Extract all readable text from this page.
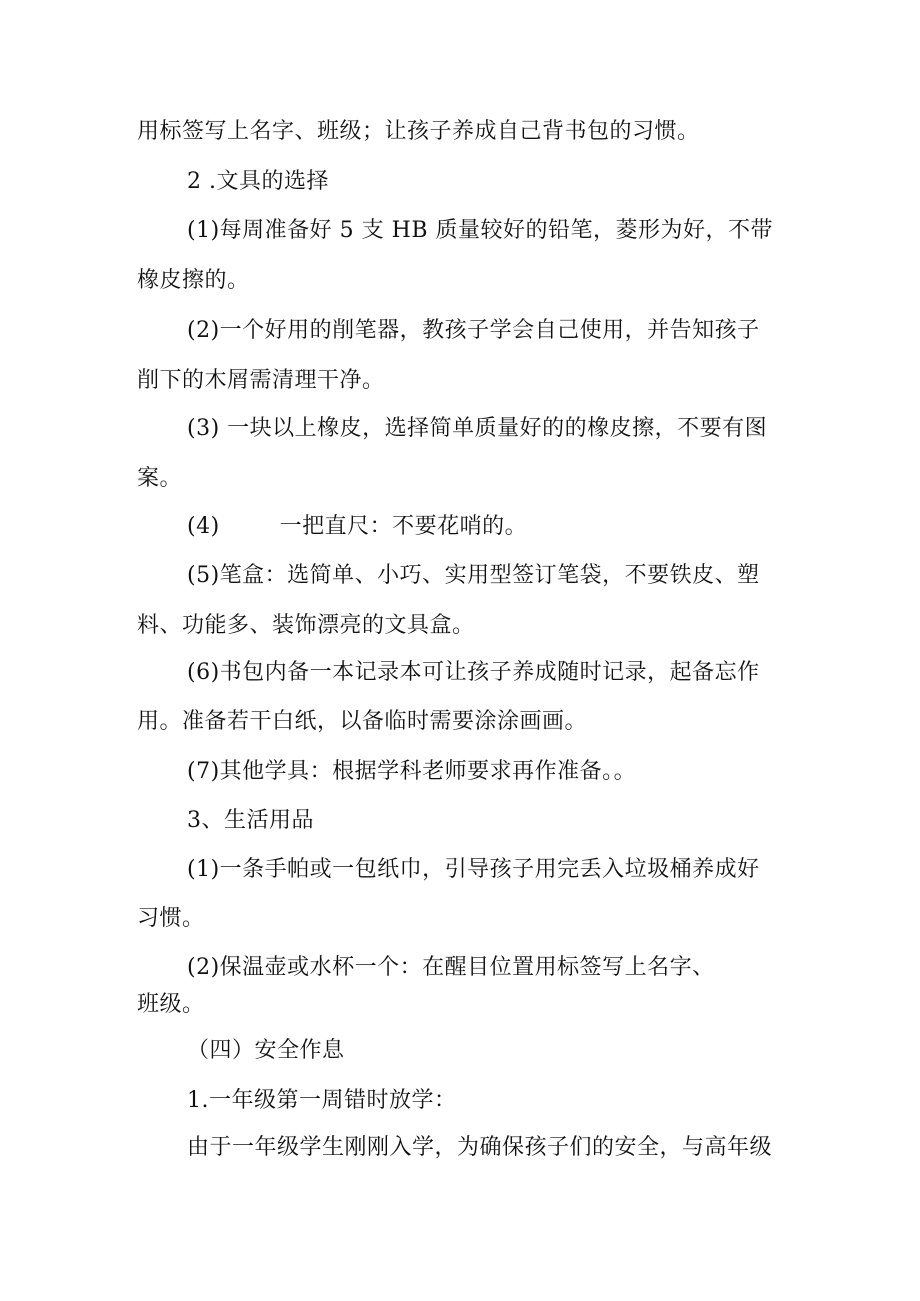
用标签写上名字、班级；让孩子养成自己背书包的习惯。
2 .文具的选择
(1)每周准备好 5 支 HB 质量较好的铅笔，菱形为好，不带
橡皮擦的。
(2)一个好用的削笔器，教孩子学会自己使用，并告知孩子
削下的木屑需清理干净。
(3) 一块以上橡皮，选择简单质量好的的橡皮擦，不要有图
案。
(4)        一把直尺：不要花哨的。
(5)笔盒：选简单、小巧、实用型签订笔袋，不要铁皮、塑
料、功能多、装饰漂亮的文具盒。
(6)书包内备一本记录本可让孩子养成随时记录，起备忘作
用。准备若干白纸，以备临时需要涂涂画画。
(7)其他学具：根据学科老师要求再作准备。。
3、生活用品
(1)一条手帕或一包纸巾，引导孩子用完丢入垃圾桶养成好
习惯。
(2)保温壶或水杯一个：在醒目位置用标签写上名字、
班级。
（四）安全作息
1.一年级第一周错时放学：
由于一年级学生刚刚入学，为确保孩子们的安全，与高年级
